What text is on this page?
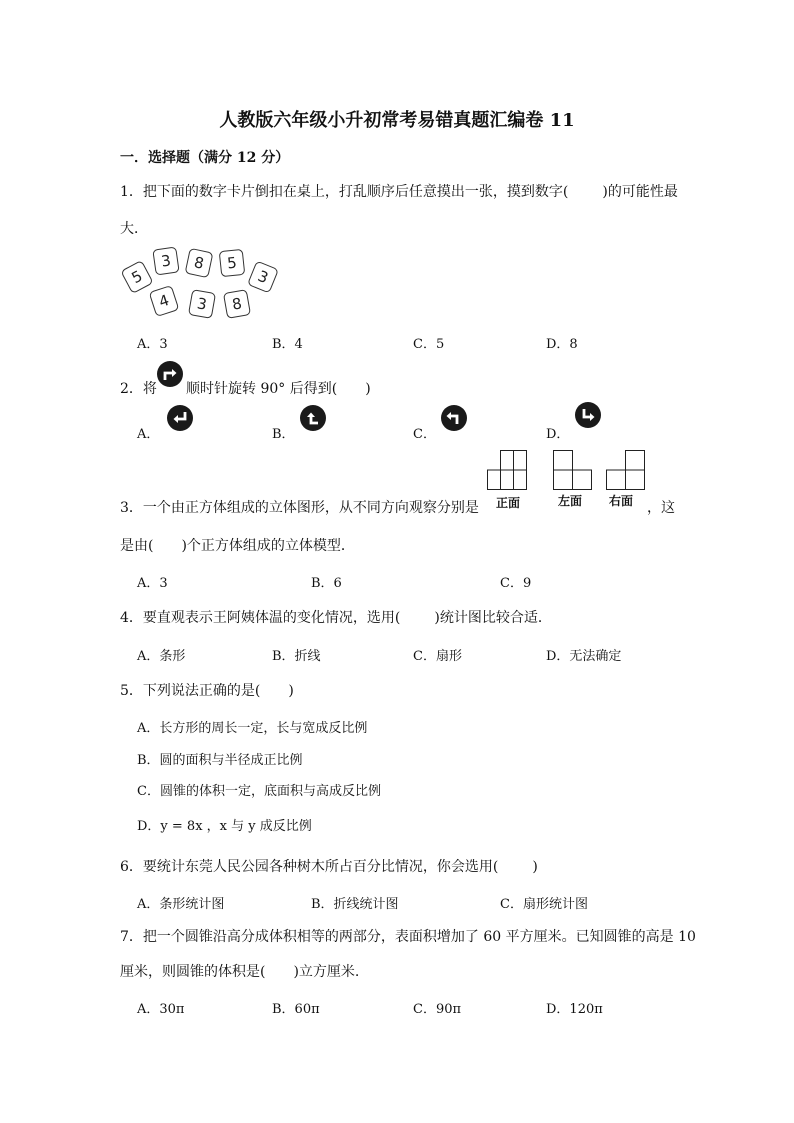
人教版六年级小升初常考易错真题汇编卷 11
一．选择题（满分 12 分）
1．把下面的数字卡片倒扣在桌上，打乱顺序后任意摸出一张，摸到数字( )的可能性最
大．
5
3	8	5
3
4	3	8
A．3	B．4	C．5	D．8
2．将 顺时针旋转 90° 后得到( )
A．	B．	C．	D．
3．一个由正方体组成的立体图形，从不同方向观察分别是 正面	左面 右面 ，这
是由( )个正方体组成的立体模型．
A．3	B．6	C．9
4．要直观表示王阿姨体温的变化情况，选用( )统计图比较合适．
A．条形	B．折线	C．扇形	D．无法确定
5．下列说法正确的是( )
A．长方形的周长一定，长与宽成反比例
B．圆的面积与半径成正比例
C．圆锥的体积一定，底面积与高成反比例
D．y = 8x ，x 与 y 成反比例
6．要统计东莞人民公园各种树木所占百分比情况，你会选用( )
A．条形统计图	B．折线统计图	C．扇形统计图
7．把一个圆锥沿高分成体积相等的两部分，表面积增加了 60 平方厘米。已知圆锥的高是 10
厘米，则圆锥的体积是( )立方厘米.
A．30π	B．60π	C．90π	D．120π
